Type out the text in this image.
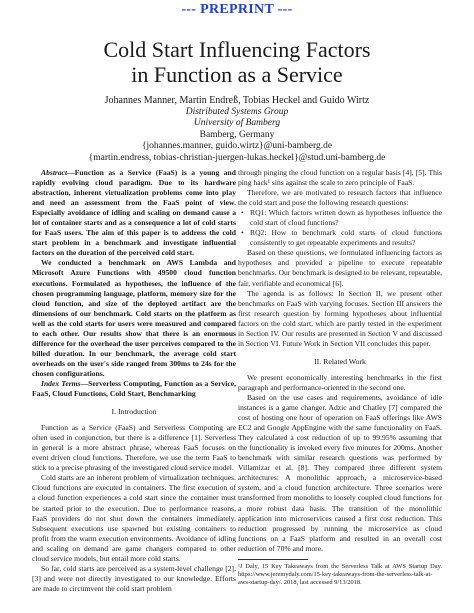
--- PREPRINT ---
Cold Start Influencing Factors
in Function as a Service
Johannes Manner, Martin Endreß, Tobias Heckel and Guido Wirtz
Distributed Systems Group
University of Bamberg
Bamberg, Germany
{johannes.manner, guido.wirtz}@uni-bamberg.de
{martin.endress, tobias-christian-juergen-lukas.heckel}@stud.uni-bamberg.de

Abstract—Function as a Service (FaaS) is a young and rapidly evolving cloud paradigm. Due to its hardware abstraction, inherent virtualization problems come into play and need an assessment from the FaaS point of view. Especially avoidance of idling and scaling on demand cause a lot of container starts and as a consequence a lot of cold starts for FaaS users. The aim of this paper is to address the cold start problem in a benchmark and investigate influential factors on the duration of the perceived cold start.

We conducted a benchmark on AWS Lambda and Microsoft Azure Functions with 49500 cloud function executions. Formulated as hypotheses, the influence of the chosen programming language, platform, memory size for the cloud function, and size of the deployed artifact are the dimensions of our benchmark. Cold starts on the platform as well as the cold starts for users were measured and compared to each other. Our results show that there is an enormous difference for the overhead the user perceives compared to the billed duration. In our benchmark, the average cold start overheads on the user's side ranged from 300ms to 24s for the chosen configurations.

Index Terms—Serverless Computing, Function as a Service, FaaS, Cloud Functions, Cold Start, Benchmarking

I. Introduction

Function as a Service (FaaS) and Serverless Computing are often used in conjunction, but there is a difference [1]. Serverless in general is a more abstract phrase, whereas FaaS focuses on event driven cloud functions. Therefore, we use the term FaaS to stick to a precise phrasing of the investigated cloud service model.

Cold starts are an inherent problem of virtualization techniques. Cloud functions are executed in containers. The first execution of a cloud function experiences a cold start since the container must be started prior to the execution. Due to performance reasons, FaaS providers do not shut down the containers immediately. Subsequent executions use spawned but existing containers to profit from the warm execution environments. Avoidance of idling and scaling on demand are game changers compared to other cloud service models, but entail more cold starts.

So far, cold starts are perceived as a system-level challenge [2], [3] and were not directly investigated to our knowledge. Efforts are made to circumvent the cold start problem

through pinging the cloud function on a regular basis [4], [5]. This ping hack¹ sins against the scale to zero principle of FaaS.

Therefore, we are motivated to research factors that influence the cold start and pose the following research questions:

• RQ1: Which factors written down as hypotheses influence the cold start of cloud functions?
• RQ2: How to benchmark cold starts of cloud functions consistently to get repeatable experiments and results?

Based on these questions, we formulated influencing factors as hypotheses and provided a pipeline to execute repeatable benchmarks. Our benchmark is designed to be relevant, repeatable, fair, verifiable and economical [6].

The agenda is as follows: In Section II, we present other benchmarks on FaaS with varying focuses. Section III answers the first research question by forming hypotheses about influential factors on the cold start, which are partly tested in the experiment in Section IV. Our results are presented in Section V and discussed in Section VI. Future Work in Section VII concludes this paper.

II. Related Work

We present economically interesting benchmarks in the first paragraph and performance-oriented in the second one.

Based on the use cases and requirements, avoidance of idle instances is a game changer. Adzic and Chatley [7] compared the cost of hosting one hour of operation on FaaS offerings like AWS EC2 and Google AppEngine with the same functionality on FaaS. They calculated a cost reduction of up to 99.95% assuming that the functionality is invoked every five minutes for 200ms. Another benchmark with similar research questions was performed by Villamizar et al. [8]. They compared three different system architectures: A monolithic approach, a microservice-based system, and a cloud function architecture. Three scenarios were transformed from monoliths to loosely coupled cloud functions for a more robust data basis. The transition of the monolithic application into microservices caused a first cost reduction. This reduction progressed by running the microservice as cloud functions on a FaaS platform and resulted in an overall cost reduction of 70% and more.

¹J Daly, 15 Key Takeaways from the Serverless Talk at AWS Startup Day. https://www.jeremydaly.com/15-key-takeaways-from-the-serverless-talk-at-aws-startup-day/. 2018, last accessed 9/13/2018.
